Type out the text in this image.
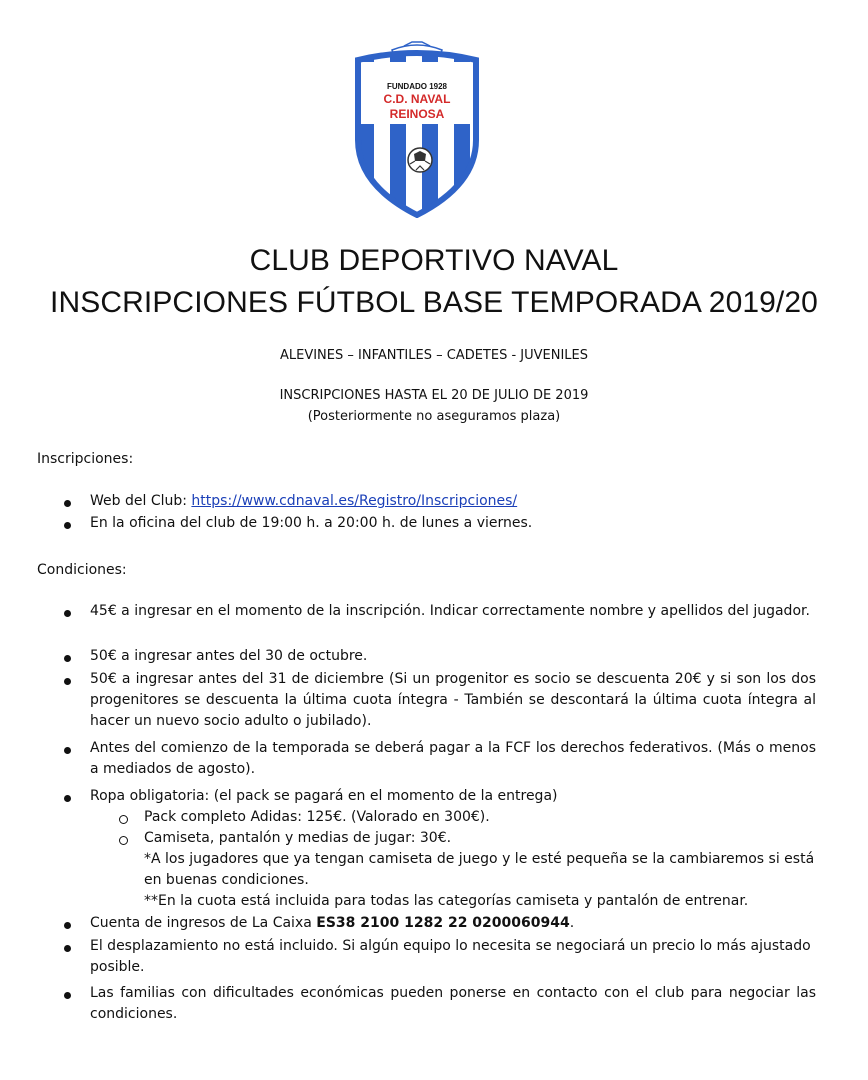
FUNDADO 1928
C.D. NAVAL
REINOSA
CLUB DEPORTIVO NAVAL
INSCRIPCIONES FÚTBOL BASE TEMPORADA 2019/20
ALEVINES – INFANTILES – CADETES - JUVENILES
INSCRIPCIONES HASTA EL 20 DE JULIO DE 2019
(Posteriormente no aseguramos plaza)
Inscripciones:
Web del Club: https://www.cdnaval.es/Registro/Inscripciones/
En la oficina del club de 19:00 h. a 20:00 h. de lunes a viernes.
Condiciones:
45€ a ingresar en el momento de la inscripción. Indicar correctamente nombre y apellidos del jugador.
50€ a ingresar antes del 30 de octubre.
50€ a ingresar antes del 31 de diciembre (Si un progenitor es socio se descuenta 20€ y si son los dos progenitores se descuenta la última cuota íntegra - También se descontará la última cuota íntegra al hacer un nuevo socio adulto o jubilado).
Antes del comienzo de la temporada se deberá pagar a la FCF los derechos federativos. (Más o menos a mediados de agosto).
Ropa obligatoria: (el pack se pagará en el momento de la entrega)
Pack completo Adidas: 125€. (Valorado en 300€).
Camiseta, pantalón y medias de jugar: 30€.
*A los jugadores que ya tengan camiseta de juego y le esté pequeña se la cambiaremos si está en buenas condiciones.
**En la cuota está incluida para todas las categorías camiseta y pantalón de entrenar.
Cuenta de ingresos de La Caixa ES38 2100 1282 22 0200060944.
El desplazamiento no está incluido. Si algún equipo lo necesita se negociará un precio lo más ajustado posible.
Las familias con dificultades económicas pueden ponerse en contacto con el club para negociar las condiciones.
